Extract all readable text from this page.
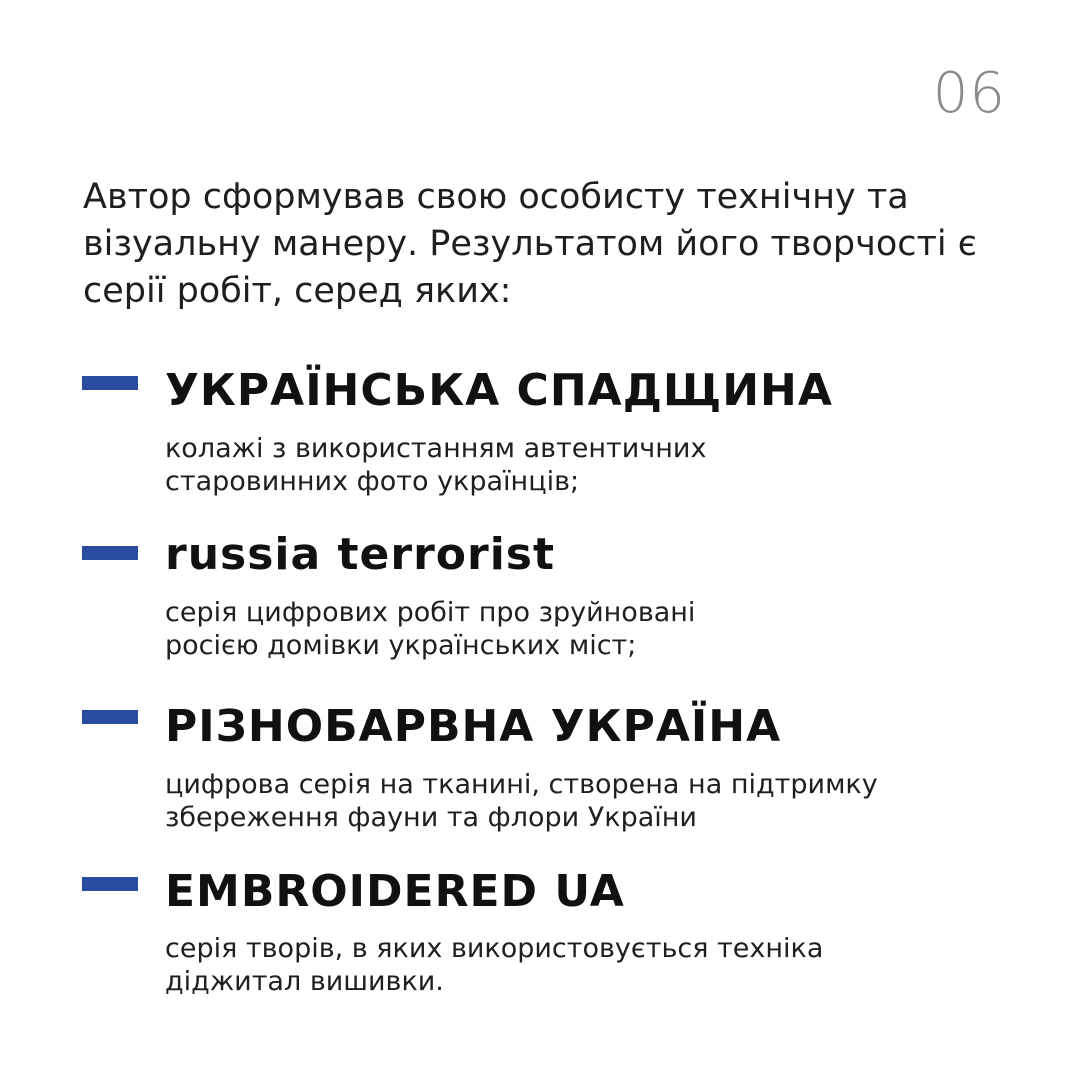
06

Автор сформував свою особисту технічну та візуальну манеру. Результатом його творчості є серії робіт, серед яких:

УКРАЇНСЬКА СПАДЩИНА

колажі з використанням автентичних
старовинних фото українців;

russia terrorist

серія цифрових робіт про зруйновані
росією домівки українських міст;

РІЗНОБАРВНА УКРАЇНА

цифрова серія на тканині, створена на підтримку
збереження фауни та флори України

EMBROIDERED UA

серія творів, в яких використовується техніка
діджитал вишивки.
